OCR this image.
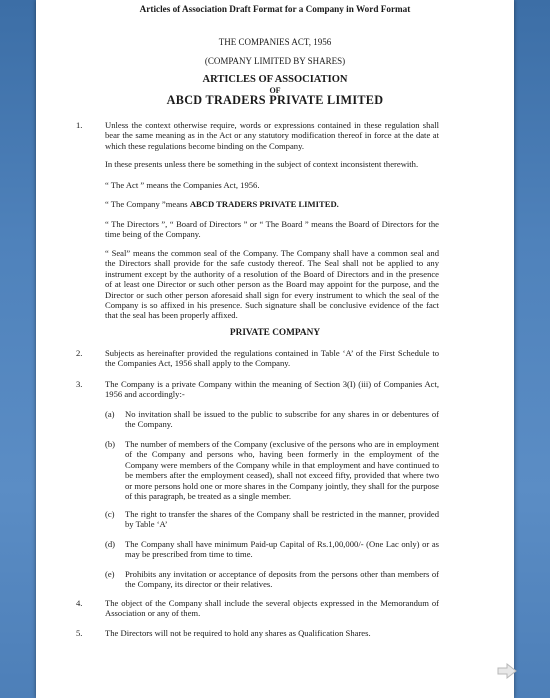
Articles of Association Draft Format for a Company in Word Format
THE COMPANIES ACT, 1956
(COMPANY LIMITED BY SHARES)
ARTICLES OF ASSOCIATION
OF
ABCD TRADERS PRIVATE LIMITED
1.	Unless the context otherwise require, words or expressions contained in these regulation shall bear the same meaning as in the Act or any statutory modification thereof in force at the date at which these regulations become binding on the Company.
In these presents unless there be something in the subject of context inconsistent therewith.
“ The Act ” means the Companies Act, 1956.
“ The Company ”means ABCD TRADERS PRIVATE LIMITED.
“ The Directors ”, “ Board of Directors ” or “ The Board ” means the Board of Directors for the time being of the Company.
“ Seal” means the common seal of the Company. The Company shall have a common seal and the Directors shall provide for the safe custody thereof. The Seal shall not be applied to any instrument except by the authority of a resolution of the Board of Directors and in the presence of at least one Director or such other person as the Board may appoint for the purpose, and the Director or such other person aforesaid shall sign for every instrument to which the seal of the Company is so affixed in his presence. Such signature shall be conclusive evidence of the fact that the seal has been properly affixed.
PRIVATE COMPANY
2.	Subjects as hereinafter provided the regulations contained in Table ‘A’ of the First Schedule to the Companies Act, 1956 shall apply to the Company.
3.	The Company is a private Company within the meaning of Section 3(I) (iii) of Companies Act, 1956 and accordingly:-
(a) No invitation shall be issued to the public to subscribe for any shares in or debentures of the Company.
(b) The number of members of the Company (exclusive of the persons who are in employment of the Company and persons who, having been formerly in the employment of the Company were members of the Company while in that employment and have continued to be members after the employment ceased), shall not exceed fifty, provided that where two or more persons hold one or more shares in the Company jointly, they shall for the purpose of this paragraph, be treated as a single member.
(c) The right to transfer the shares of the Company shall be restricted in the manner, provided by Table ‘A’
(d) The Company shall have minimum Paid-up Capital of Rs.1,00,000/- (One Lac only) or as may be prescribed from time to time.
(e) Prohibits any invitation or acceptance of deposits from the persons other than members of the Company, its director or their relatives.
4.	The object of the Company shall include the several objects expressed in the Memorandum of Association or any of them.
5.	The Directors will not be required to hold any shares as Qualification Shares.
